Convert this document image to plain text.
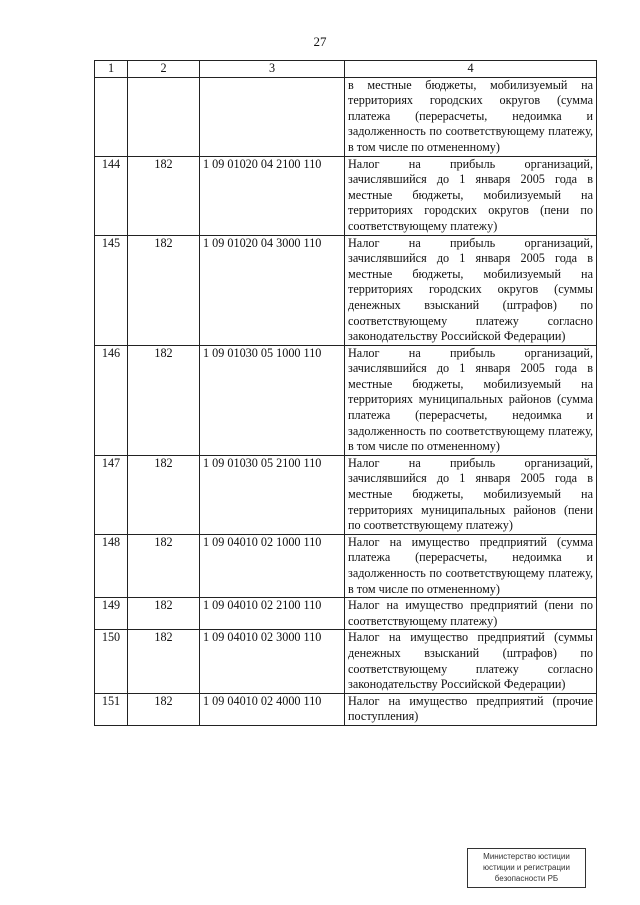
27
1	2	3	4
			в местные бюджеты, мобилизуемый на территориях городских округов (сумма платежа (перерасчеты, недоимка и задолженность по соответствующему платежу, в том числе по отмененному)
144	182	1 09 01020 04 2100 110	Налог на прибыль организаций, зачислявшийся до 1 января 2005 года в местные бюджеты, мобилизуемый на территориях городских округов (пени по соответствующему платежу)
145	182	1 09 01020 04 3000 110	Налог на прибыль организаций, зачислявшийся до 1 января 2005 года в местные бюджеты, мобилизуемый на территориях городских округов (суммы денежных взысканий (штрафов) по соответствующему платежу согласно законодательству Российской Федерации)
146	182	1 09 01030 05 1000 110	Налог на прибыль организаций, зачислявшийся до 1 января 2005 года в местные бюджеты, мобилизуемый на территориях муниципальных районов (сумма платежа (перерасчеты, недоимка и задолженность по соответствующему платежу, в том числе по отмененному)
147	182	1 09 01030 05 2100 110	Налог на прибыль организаций, зачислявшийся до 1 января 2005 года в местные бюджеты, мобилизуемый на территориях муниципальных районов (пени по соответствующему платежу)
148	182	1 09 04010 02 1000 110	Налог на имущество предприятий (сумма платежа (перерасчеты, недоимка и задолженность по соответствующему платежу, в том числе по отмененному)
149	182	1 09 04010 02 2100 110	Налог на имущество предприятий (пени по соответствующему платежу)
150	182	1 09 04010 02 3000 110	Налог на имущество предприятий (суммы денежных взысканий (штрафов) по соответствующему платежу согласно законодательству Российской Федерации)
151	182	1 09 04010 02 4000 110	Налог на имущество предприятий (прочие поступления)
Министерство юстиции
юстиции и регистрации
безопасности РБ
